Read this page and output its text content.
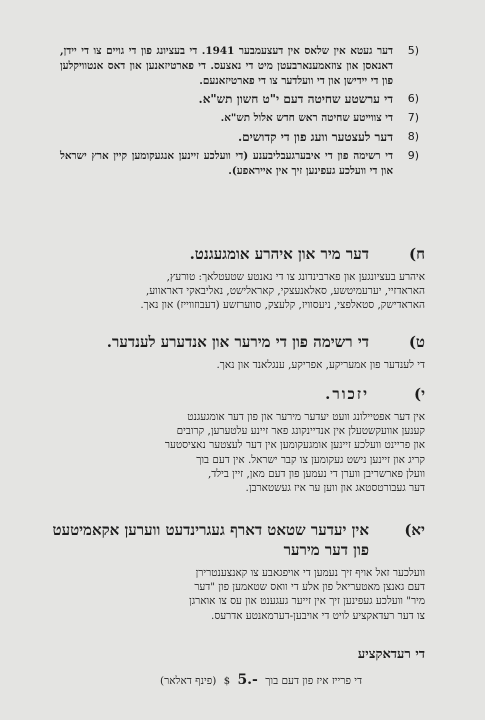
5)
דער געטא אין שלאס אין דעצעמבער 1941. די בעציונג פון די גויים צו די יידן, דאנאסן און צוזאמענארבעטן מיט די נאצעס. די פארטיזאנען און דאס אנטוויקלען פון די יידישן און די וועלדער צו די פארטיזאנעם.
6)
די ערשטע שחיטה דעם י"ט חשון תש"א.
7)
די צווייטע שחיטה ראש חדש אלול תש"א.
8)
דער לעצטער וועג פון די קדושים.
9)
די רשימה פון די איבערגעבליבענע (די וועלכע זיינען אנגעקומען קיין ארץ ישראל און די וועלכע געפינען זיך אין אייראפע).
ח)
דער מיר און איהרע אומגעגנט.
איהרע בעציונגען און פארבינדונג צו די נאנטע שטעטלאך: טורעץ,
האראדזיי, יערעמיטשע, סאלאנעצקי, קאראלישט, נאליבאקי דאראווע,
האראדישק, סטאלפצי, ניעסוויז, קלעצק, סווערזשע (דעבוזווייז) און נאך.
ט)
די רשימה פון די מירער און אנדערע לענדער.
די לענדער פון אמעריקע, אפריקע, ענגלאנד און נאך.
י)
יזכור.
אין דער אפטיילונג וועט יעדער מירער און פון דער אומגעגנט
קענען אוועקשטעלן אין אנדיינקונג פאר זיינע עלטערען, קרובים
און פריינט וועלכע זיינען אומגעקומען אין דער לעצטער נאציסטער
קריג און זיינען נישט געקומען צו קבר ישראל. אין דעם בוך
וועלן פארשריבן ווערן די נעמען פון דעם מאן, זיין בילד,
דער געבורטסטאג און ווען ער איז געשטארבן.
יא)
אין יעדער שטאט דארף געגרינדעט ווערען אקאמיטעט פון דער מירער
וועלכער זאל אויף זיך נעמען די אויפגאבע צו קאנצענטרירן
דעם גאנצן מאטעריאל פון אלע די וואס שטאמען פון "דער
מיר" וועלכע געפינען זיך אין זייער געגענט און עס צו אוארגן
צו דער רעדאקציע לויט די אויבען-דערמאנטע אדרעס.
די רעדאקציע
די פרייז איז פון דעם בוך 5.- $ (פינף דאלאר)
